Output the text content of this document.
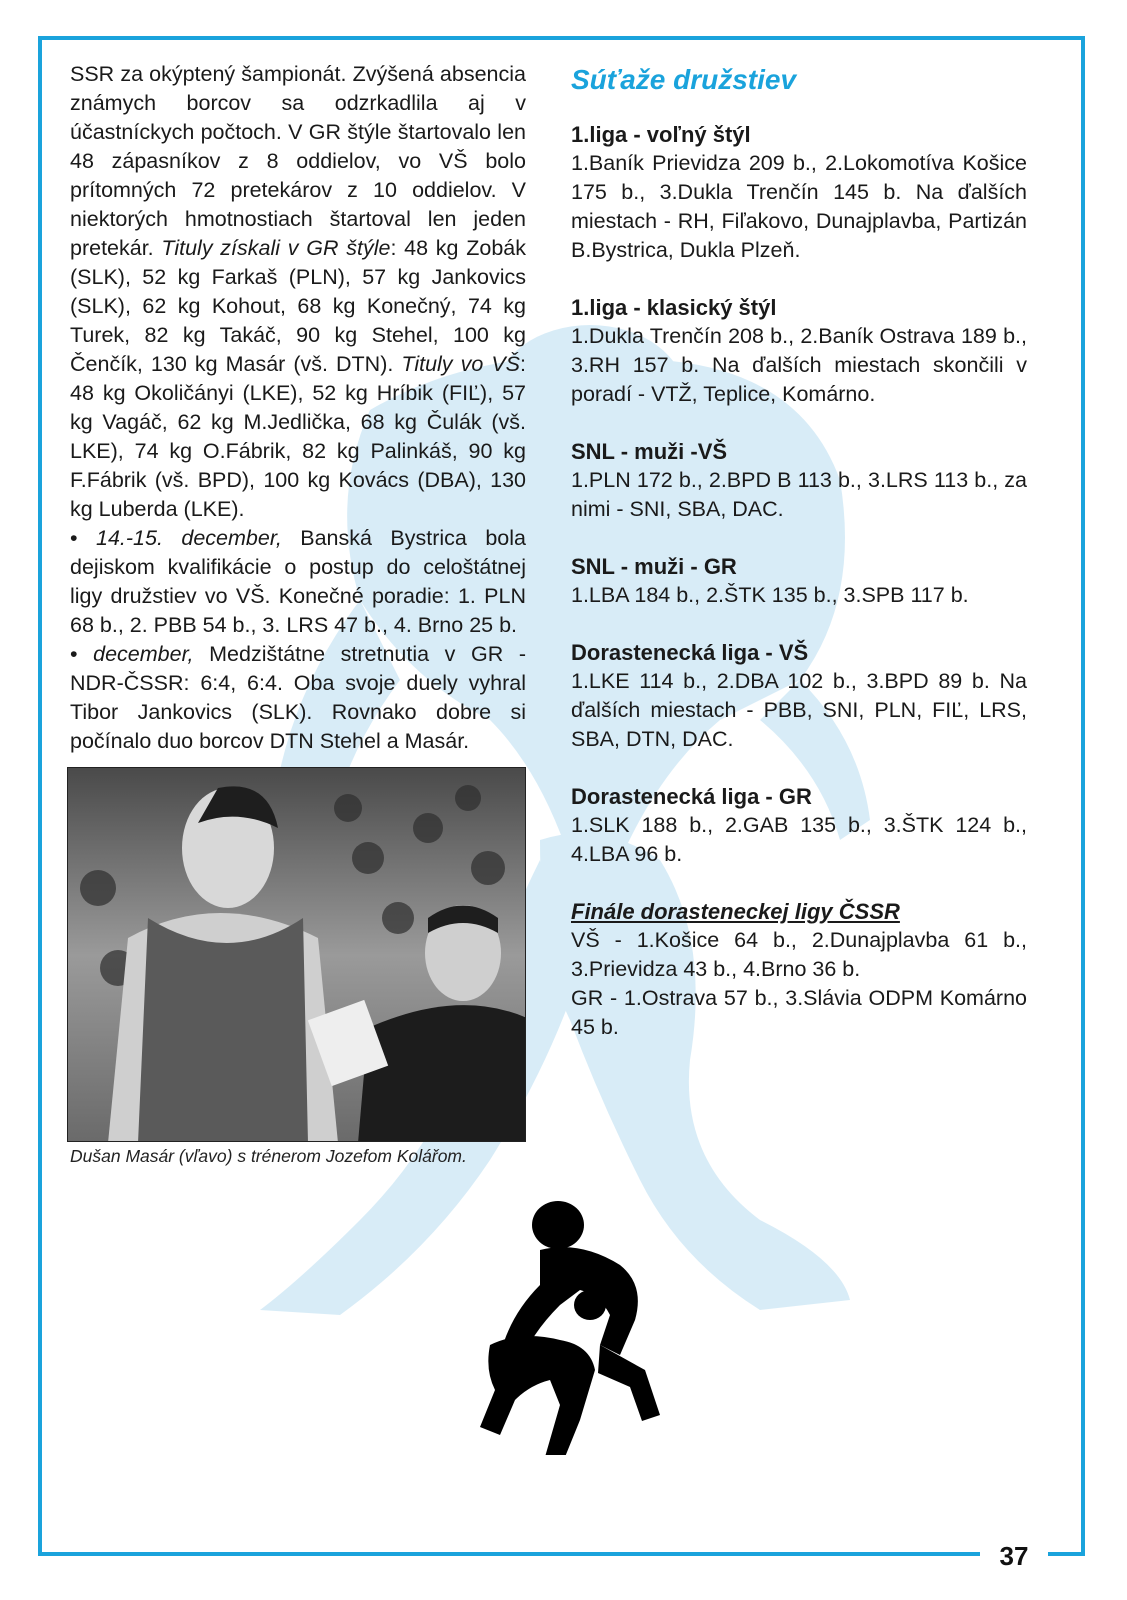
37

SSR za okýptený šampionát. Zvýšená absencia známych borcov sa odzrkadlila aj v účastníckych počtoch. V GR štýle štartovalo len 48 zápasníkov z 8 oddielov, vo VŠ bolo prítomných 72 pretekárov z 10 oddielov. V niektorých hmotnostiach štartoval len jeden pretekár. Tituly získali v GR štýle: 48 kg Zobák (SLK), 52 kg Farkaš (PLN), 57 kg Jankovics (SLK), 62 kg Kohout, 68 kg Konečný, 74 kg Turek, 82 kg Takáč, 90 kg Stehel, 100 kg Čenčík, 130 kg Masár (vš. DTN). Tituly vo VŠ: 48 kg Okoličányi (LKE), 52 kg Hríbik (FIĽ), 57 kg Vagáč, 62 kg M.Jedlička, 68 kg Čulák (vš. LKE), 74 kg O.Fábrik, 82 kg Palinkáš, 90 kg F.Fábrik (vš. BPD), 100 kg Kovács (DBA), 130 kg Luberda (LKE).

• 14.-15. december, Banská Bystrica bola dejiskom kvalifikácie o postup do celoštátnej ligy družstiev vo VŠ. Konečné poradie: 1. PLN 68 b., 2. PBB 54 b., 3. LRS 47 b., 4. Brno 25 b.

• december, Medzištátne stretnutia v GR - NDR-ČSSR: 6:4, 6:4. Oba svoje duely vyhral Tibor Jankovics (SLK). Rovnako dobre si počínalo duo borcov DTN Stehel a Masár.

Dušan Masár (vľavo) s trénerom Jozefom Kolářom.
Súťaže družstiev
1.liga - voľný štýl
1.Baník Prievidza 209 b., 2.Lokomotíva Košice 175 b., 3.Dukla Trenčín 145 b. Na ďalších miestach - RH, Fiľakovo, Dunajplavba, Partizán B.Bystrica, Dukla Plzeň.
1.liga - klasický štýl
1.Dukla Trenčín 208 b., 2.Baník Ostrava 189 b., 3.RH 157 b. Na ďalších miestach skončili v poradí - VTŽ, Teplice, Komárno.
SNL - muži -VŠ
1.PLN 172 b., 2.BPD B 113 b., 3.LRS 113 b., za nimi - SNI, SBA, DAC.
SNL - muži - GR
1.LBA 184 b., 2.ŠTK 135 b., 3.SPB 117 b.
Dorastenecká liga - VŠ
1.LKE 114 b., 2.DBA 102 b., 3.BPD 89 b. Na ďalších miestach - PBB, SNI, PLN, FIĽ, LRS, SBA, DTN, DAC.
Dorastenecká liga - GR
1.SLK 188 b., 2.GAB 135 b., 3.ŠTK 124 b., 4.LBA 96 b.
Finále dorasteneckej ligy ČSSR
VŠ - 1.Košice 64 b., 2.Dunajplavba 61 b., 3.Prievidza 43 b., 4.Brno 36 b.
GR - 1.Ostrava 57 b., 3.Slávia ODPM Komárno 45 b.
